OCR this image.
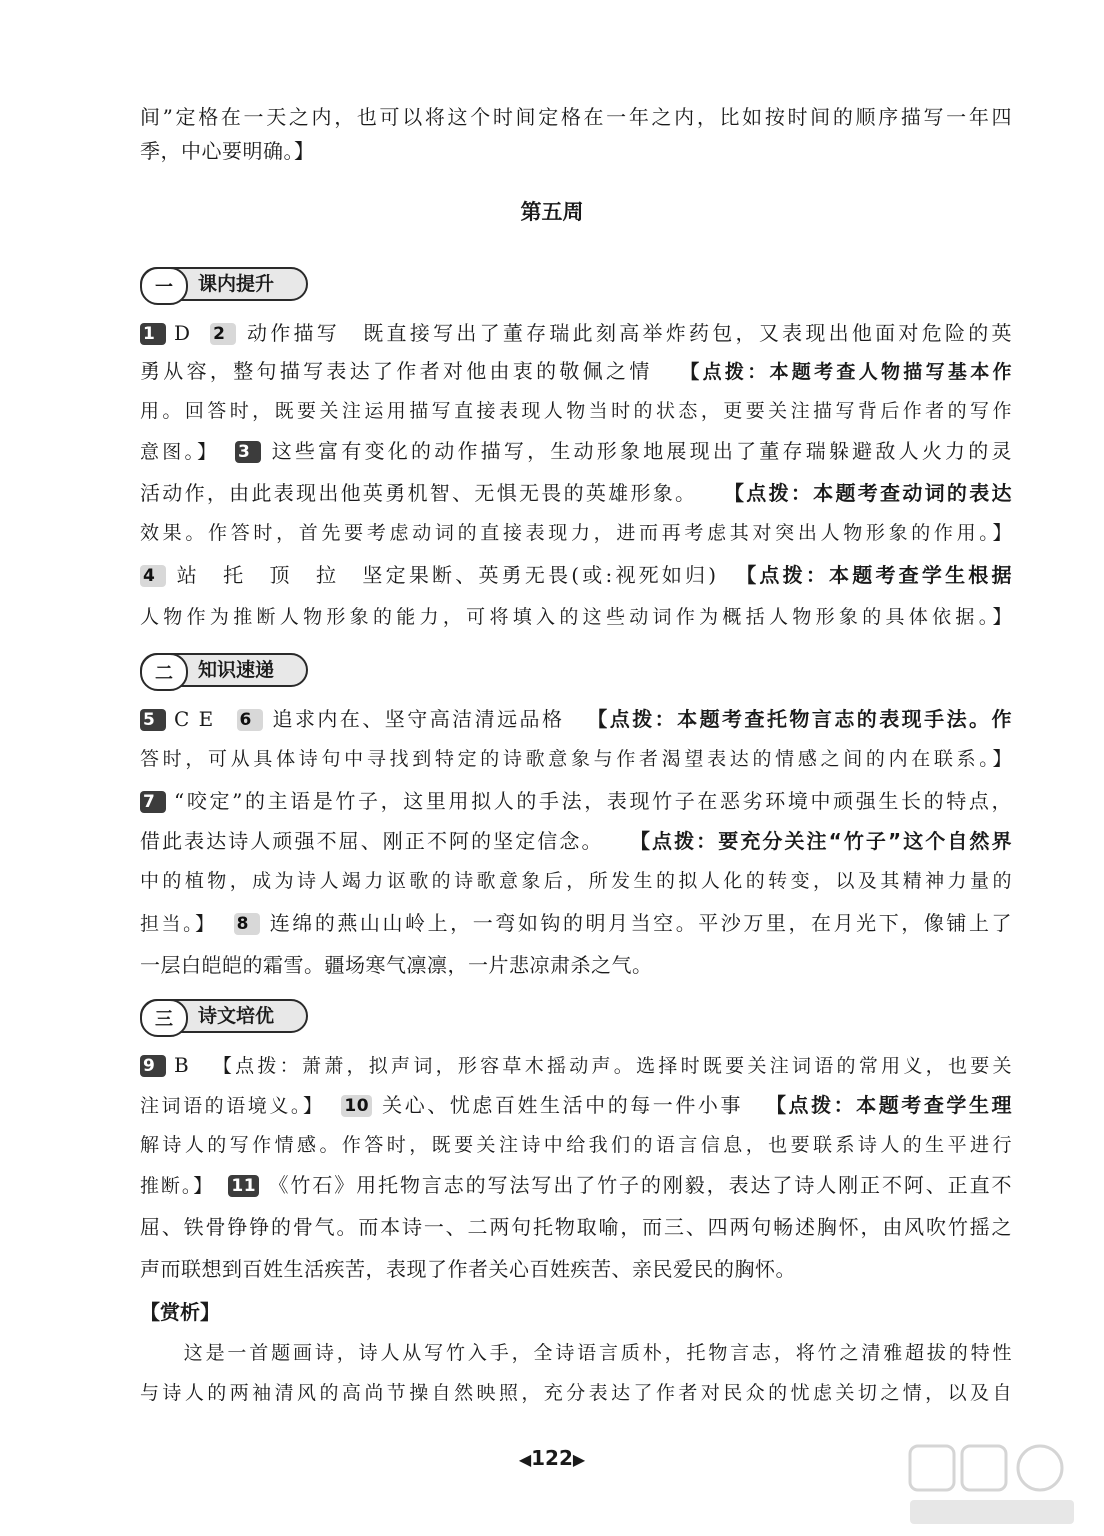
间”定格在一天之内，也可以将这个时间定格在一年之内，比如按时间的顺序描写一年四
季，中心要明确。】
第五周
一	课内提升
1 D 2 动作描写　既直接写出了董存瑞此刻高举炸药包，又表现出他面对危险的英
勇从容，整句描写表达了作者对他由衷的敬佩之情 【点拨：本题考查人物描写基本作
用。回答时，既要关注运用描写直接表现人物当时的状态，更要关注描写背后作者的写作
意图。】 3 这些富有变化的动作描写，生动形象地展现出了董存瑞躲避敌人火力的灵
活动作，由此表现出他英勇机智、无惧无畏的英雄形象。 【点拨：本题考查动词的表达
效果。作答时，首先要考虑动词的直接表现力，进而再考虑其对突出人物形象的作用。】
4 站　托　顶　拉　坚定果断、英勇无畏(或:视死如归) 【点拨：本题考查学生根据
人物作为推断人物形象的能力，可将填入的这些动词作为概括人物形象的具体依据。】
二	知识速递
5 C E 6 追求内在、坚守高洁清远品格 【点拨：本题考查托物言志的表现手法。作
答时，可从具体诗句中寻找到特定的诗歌意象与作者渴望表达的情感之间的内在联系。】
7 “咬定”的主语是竹子，这里用拟人的手法，表现竹子在恶劣环境中顽强生长的特点，
借此表达诗人顽强不屈、刚正不阿的坚定信念。 【点拨：要充分关注“竹子”这个自然界
中的植物，成为诗人竭力讴歌的诗歌意象后，所发生的拟人化的转变，以及其精神力量的
担当。】 8 连绵的燕山山岭上，一弯如钩的明月当空。平沙万里，在月光下，像铺上了
一层白皑皑的霜雪。疆场寒气凛凛，一片悲凉肃杀之气。
三	诗文培优
9 B 【点拨：萧萧，拟声词，形容草木摇动声。选择时既要关注词语的常用义，也要关
注词语的语境义。】 10 关心、忧虑百姓生活中的每一件小事 【点拨：本题考查学生理
解诗人的写作情感。作答时，既要关注诗中给我们的语言信息，也要联系诗人的生平进行
推断。】 11 《竹石》用托物言志的写法写出了竹子的刚毅，表达了诗人刚正不阿、正直不
屈、铁骨铮铮的骨气。而本诗一、二两句托物取喻，而三、四两句畅述胸怀，由风吹竹摇之
声而联想到百姓生活疾苦，表现了作者关心百姓疾苦、亲民爱民的胸怀。
【赏析】
　　这是一首题画诗，诗人从写竹入手，全诗语言质朴，托物言志，将竹之清雅超拔的特性
与诗人的两袖清风的高尚节操自然映照，充分表达了作者对民众的忧虑关切之情，以及自
◀122▶
